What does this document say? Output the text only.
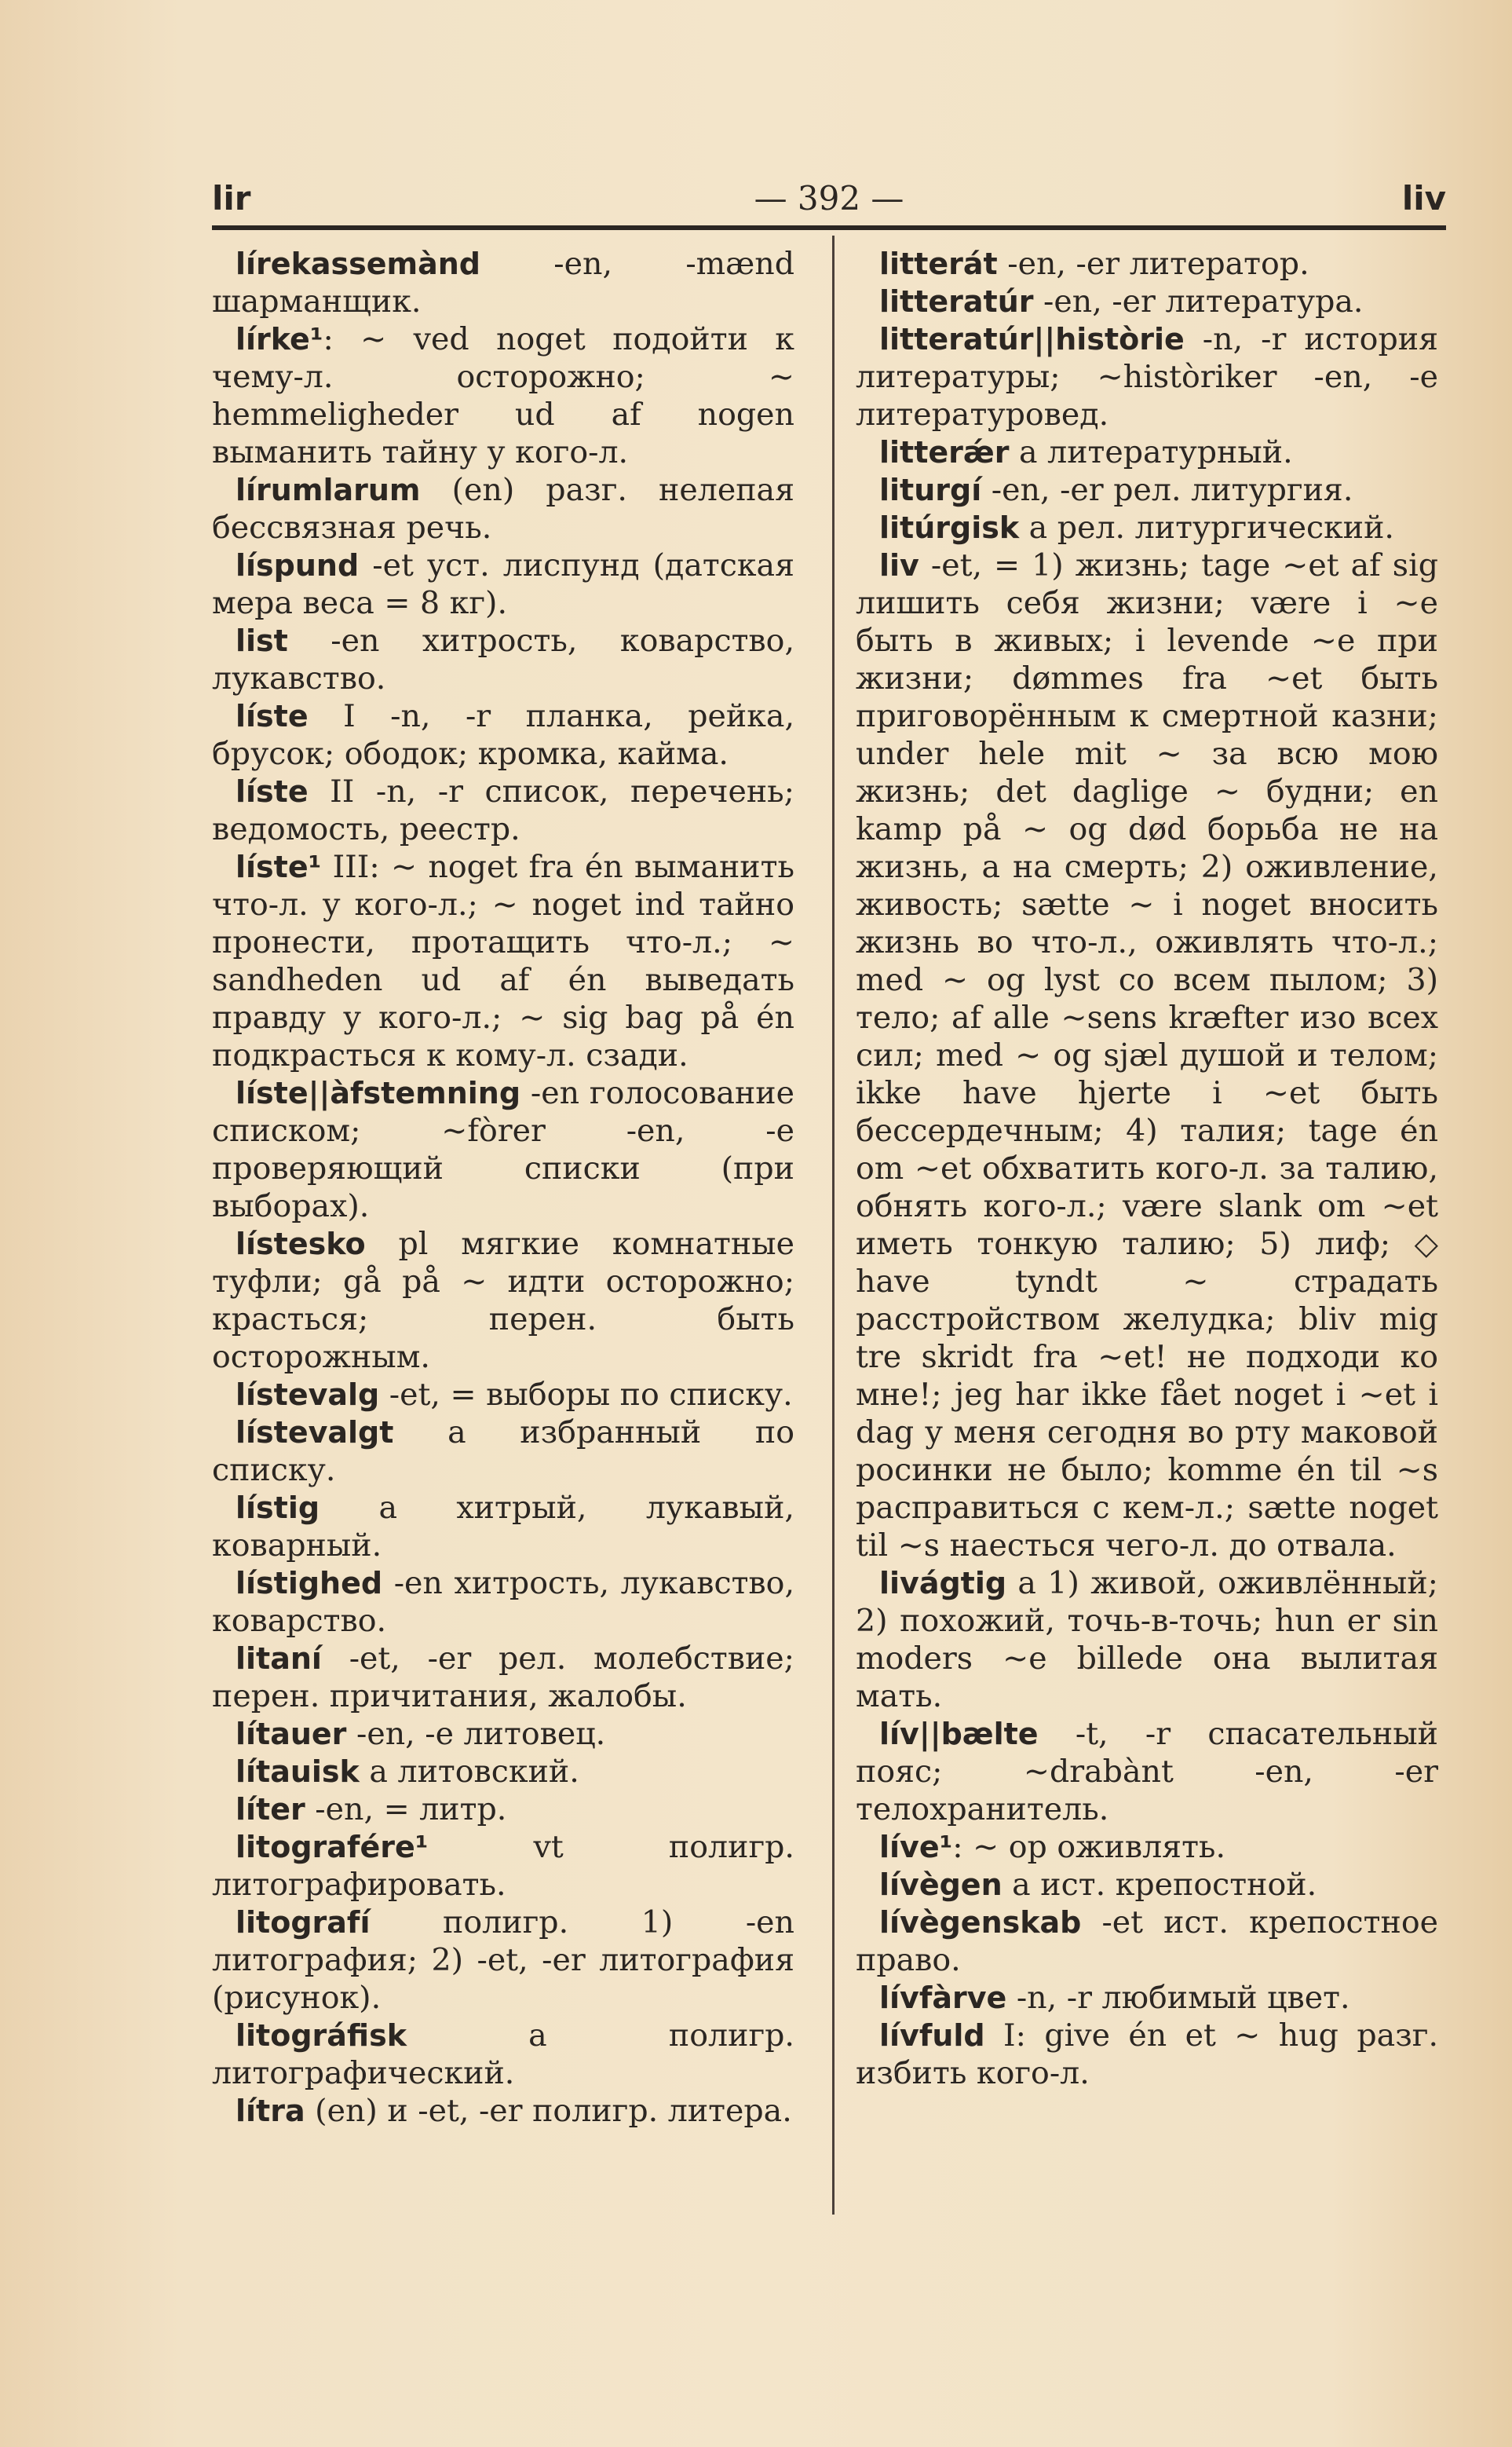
lir	— 392 —	liv

lírekassemànd -en, -mænd шарманщик.

lírke¹: ~ ved noget подойти к чему-л. осторожно; ~ hemmeligheder ud af nogen выманить тайну у кого-л.

lírumlarum (en) разг. нелепая бессвязная речь.

líspund -et уст. лиспунд (датская мера веса = 8 кг).

list -en хитрость, коварство, лукавство.

líste I -n, -r планка, рейка, брусок; ободок; кромка, кайма.

líste II -n, -r список, перечень; ведомость, реестр.

líste¹ III: ~ noget fra én выманить что-л. у кого-л.; ~ noget ind тайно пронести, протащить что-л.; ~ sandheden ud af én выведать правду у кого-л.; ~ sig bag på én подкрасться к кому-л. сзади.

líste||àfstemning -en голосование списком; ~fòrer -en, -e проверяющий списки (при выборах).

lístesko pl мягкие комнатные туфли; gå på ~ идти осторожно; красться; перен. быть осторожным.

lístevalg -et, = выборы по списку.

lístevalgt a избранный по списку.

lístig a хитрый, лукавый, коварный.

lístighed -en хитрость, лукавство, коварство.

litaní -et, -er рел. молебствие; перен. причитания, жалобы.

lítauer -en, -e литовец.

lítauisk a литовский.

líter -en, = литр.

litografére¹ vt полигр. литографировать.

litografí полигр. 1) -en литография; 2) -et, -er литография (рисунок).

litográfisk a полигр. литографический.

lítra (en) и -et, -er полигр. литера.

litterát -en, -er литератор.

litteratúr -en, -er литература.

litteratúr||històrie -n, -r история литературы; ~històriker -en, -e литературовед.

litterǽr a литературный.

liturgí -en, -er рел. литургия.

litúrgisk a рел. литургический.

liv -et, = 1) жизнь; tage ~et af sig лишить себя жизни; være i ~e быть в живых; i levende ~e при жизни; dømmes fra ~et быть приговорённым к смертной казни; under hele mit ~ за всю мою жизнь; det daglige ~ будни; en kamp på ~ og død борьба не на жизнь, а на смерть; 2) оживление, живость; sætte ~ i noget вносить жизнь во что-л., оживлять что-л.; med ~ og lyst со всем пылом; 3) тело; af alle ~sens kræfter изо всех сил; med ~ og sjæl душой и телом; ikke have hjerte i ~et быть бессердечным; 4) талия; tage én om ~et обхватить кого-л. за талию, обнять кого-л.; være slank om ~et иметь тонкую талию; 5) лиф; ◇ have tyndt ~ страдать расстройством желудка; bliv mig tre skridt fra ~et! не подходи ко мне!; jeg har ikke fået noget i ~et i dag у меня сегодня во рту маковой росинки не было; komme én til ~s расправиться с кем-л.; sætte noget til ~s наесться чего-л. до отвала.

livágtig a 1) живой, оживлённый; 2) похожий, точь-в-точь; hun er sin moders ~e billede она вылитая мать.

lív||bælte -t, -r спасательный пояс; ~drabànt -en, -er телохранитель.

líve¹: ~ op оживлять.

lívègen a ист. крепостной.

lívègenskab -et ист. крепостное право.

lívfàrve -n, -r любимый цвет.

lívfuld I: give én et ~ hug разг. избить кого-л.
